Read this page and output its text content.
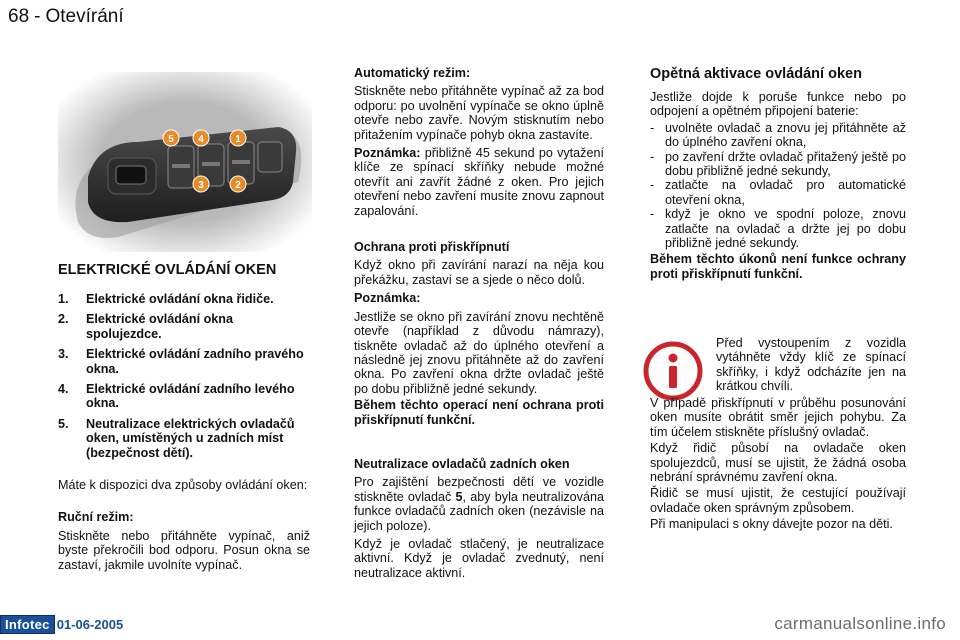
68 - Otevírání
5 4	1
3	2

ELEKTRICKÉ OVLÁDÁNÍ OKEN

1. Elektrické ovládání okna řidiče.
2. Elektrické ovládání okna spolujezdce.
3. Elektrické ovládání zadního pravého okna.
4. Elektrické ovládání zadního levého okna.
5. Neutralizace elektrických ovladačů oken, umístěných u zadních míst (bezpečnost dětí).

Máte k dispozici dva způsoby ovládání oken:

Ruční režim:

Stiskněte nebo přitáhněte vypínač, aniž byste překročili bod odporu. Posun okna se zastaví, jakmile uvolníte vypínač.

Automatický režim:

Stiskněte nebo přitáhněte vypínač až za bod odporu: po uvolnění vypínače se okno úplně otevře nebo zavře. Novým stisknutím nebo přitažením vypínače pohyb okna zastavíte.

Poznámka: přibližně 45 sekund po vytažení klíče ze spínací skříňky nebude možné otevřít ani zavřít žádné z oken. Pro jejich otevření nebo zavření musíte znovu zapnout zapalování.

Ochrana proti přiskřípnutí

Když okno při zavírání narazí na něja kou překážku, zastaví se a sjede o něco dolů.

Poznámka:

Jestliže se okno při zavírání znovu nechtěně otevře (například z důvodu námrazy), tiskněte ovladač až do úplného otevření a následně jej znovu přitáhněte až do zavření okna. Po zavření okna držte ovladač ještě po dobu přibližně jedné sekundy.

Během těchto operací není ochrana proti přiskřípnutí funkční.

Neutralizace ovladačů zadních oken

Pro zajištění bezpečnosti dětí ve vozidle stiskněte ovladač 5, aby byla neutralizována funkce ovladačů zadních oken (nezávisle na jejich poloze).

Když je ovladač stlačený, je neutralizace aktivní. Když je ovladač zvednutý, není neutralizace aktivní.

Opětná aktivace ovládání oken

Jestliže dojde k poruše funkce nebo po odpojení a opětném připojení baterie:

- uvolněte ovladač a znovu jej přitáhněte až do úplného zavření okna,
- po zavření držte ovladač přitažený ještě po dobu přibližně jedné sekundy,
- zatlačte na ovladač pro automatické otevření okna,
- když je okno ve spodní poloze, znovu zatlačte na ovladač a držte jej po dobu přibližně jedné sekundy.

Během těchto úkonů není funkce ochrany proti přiskřípnutí funkční.

Před vystoupením z vozidla vytáhněte vždy klíč ze spínací skříňky, i když odcházíte jen na krátkou chvíli.

V případě přiskřípnutí v průběhu posunování oken musíte obrátit směr jejich pohybu. Za tím účelem stiskněte příslušný ovladač.

Když řidič působí na ovladače oken spolujezdců, musí se ujistit, že žádná osoba nebrání správnému zavření okna.

Řidič se musí ujistit, že cestující používají ovladače oken správným způsobem.

Při manipulaci s okny dávejte pozor na děti.

Infotec 01-06-2005	carmanualsonline.info
